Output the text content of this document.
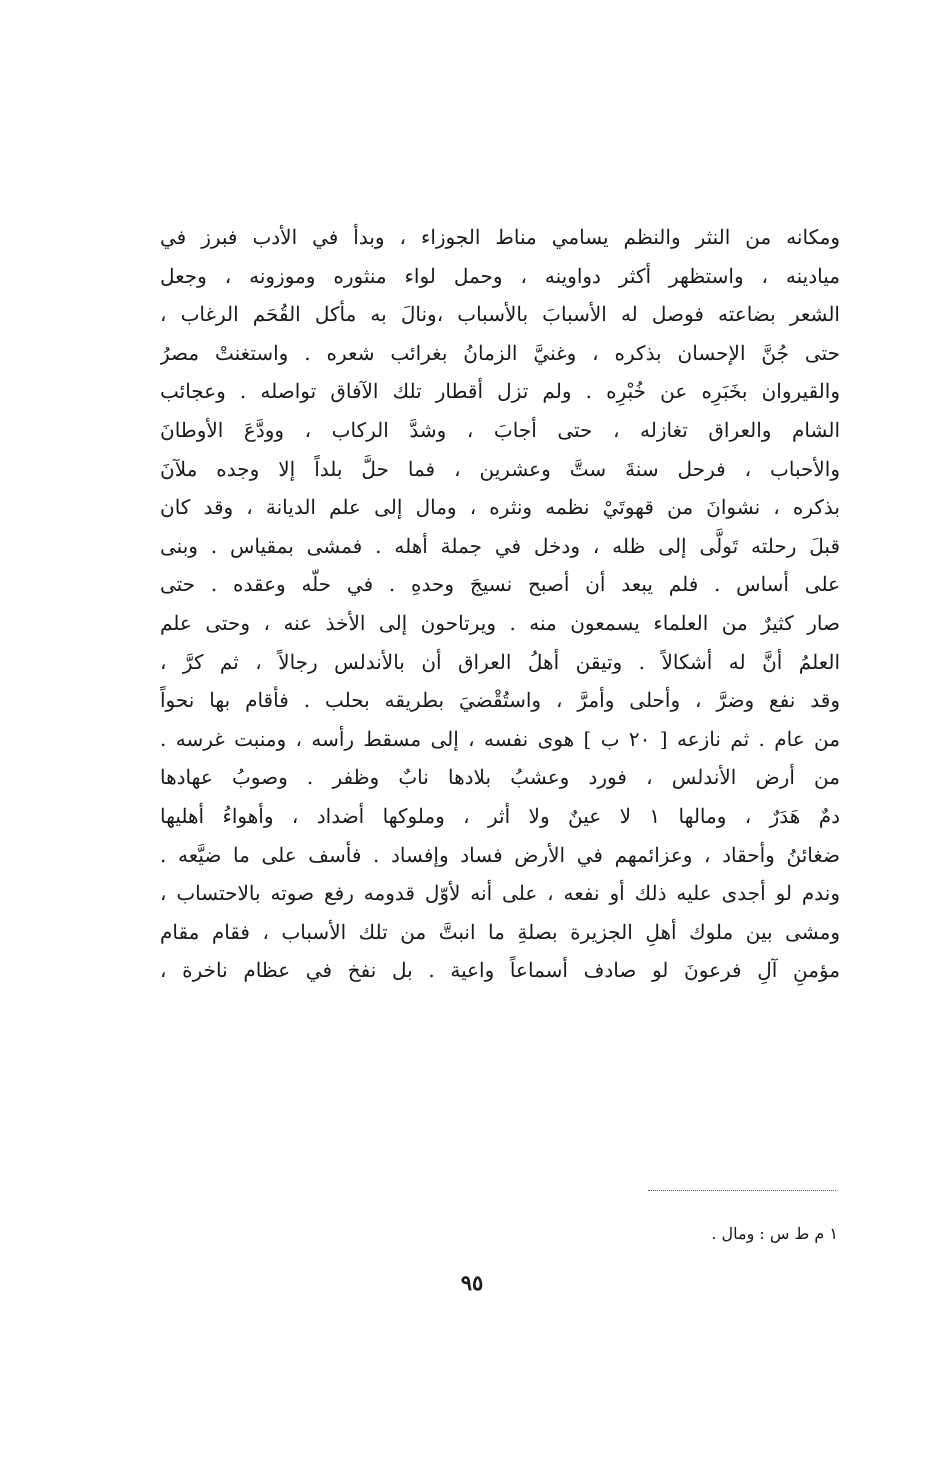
ومكانه من النثر والنظم يسامي مناط الجوزاء ، وبدأ في الأدب فبرز في
ميادينه ، واستظهر أكثر دواوينه ، وحمل لواء منثوره وموزونه ، وجعل
الشعر بضاعته فوصل له الأسبابَ بالأسباب ،ونالَ به مأكل القُحَم الرغاب ،
حتى جُنَّ الإحسان بذكره ، وغنيَّ الزمانُ بغرائب شعره . واستغنتْ مصرُ
والقيروان بخَبَرِه عن خُبْرِه . ولم تزل أقطار تلك الآفاق تواصله . وعجائب
الشام والعراق تغازله ، حتى أجابَ ، وشدَّ الركاب ، وودَّعَ الأوطانَ
والأحباب ، فرحل سنةَ ستَّ وعشرين ، فما حلَّ بلداً إلا وجده ملآنَ
بذكره ، نشوانَ من قهوتَيْ نظمه ونثره ، ومال إلى علم الديانة ، وقد كان
قبلَ رحلته تَولَّى إلى ظله ، ودخل في جملة أهله . فمشى بمقياس . وبنى
على أساس . فلم يبعد أن أصبح نسيجَ وحدهِ . في حلّه وعقده . حتى
صار كثيرٌ من العلماء يسمعون منه . ويرتاحون إلى الأخذ عنه ، وحتى علم
العلمُ أنَّ له أشكالاً . وتيقن أهلُ العراق أن بالأندلس رجالاً ، ثم كرَّ ،
وقد نفع وضرَّ ، وأحلى وأمرَّ ، واستُقْضيَ بطريقه بحلب . فأقام بها نحواً
من عام . ثم نازعه [ ٢٠ ب ] هوى نفسه ، إلى مسقط رأسه ، ومنبت غرسه .
من أرض الأندلس ، فورد وعشبُ بلادها نابٌ وظفر . وصوبُ عهادها
دمٌ هَدَرٌ ، ومالها ١ لا عينٌ ولا أثر ، وملوكها أضداد ، وأهواءُ أهليها
ضغائنُ وأحقاد ، وعزائمهم في الأرض فساد وإفساد . فأسف على ما ضيَّعه .
وندم لو أجدى عليه ذلك أو نفعه ، على أنه لأوّل قدومه رفع صوته بالاحتساب ،
ومشى بين ملوك أهلِ الجزيرة بصلةِ ما انبتَّ من تلك الأسباب ، فقام مقام
مؤمنِ آلِ فرعونَ لو صادف أسماعاً واعية . بل نفخ في عظام ناخرة ،
١ م ط س : ومال .
٩٥
